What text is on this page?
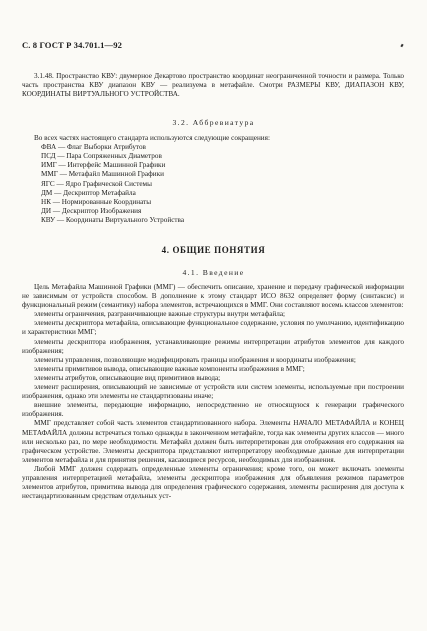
С. 8 ГОСТ Р 34.701.1—92
3.1.48. Пространство КВУ: двумерное Декартово пространство координат неограниченной точности и размера. Только часть пространства КВУ диапазон КВУ — реализуема в метафайле. Смотри РАЗМЕРЫ КВУ, ДИАПАЗОН КВУ, КООРДИНАТЫ ВИРТУАЛЬНОГО УСТРОЙСТВА.
3.2. Аббревиатура
Во всех частях настоящего стандарта используются следующие сокращения:
ФВА — Флаг Выборки Атрибутов
ПСД — Пара Сопряженных Диаметров
ИМГ — Интерфейс Машинной Графики
ММГ — Метафайл Машинной Графики
ЯГС — Ядро Графической Системы
ДМ — Дескриптор Метафайла
НК — Нормированные Координаты
ДИ — Дескриптор Изображения
КВУ — Координаты Виртуального Устройства
4. ОБЩИЕ ПОНЯТИЯ
4.1. Введение

Цель Метафайла Машинной Графики (ММГ) — обеспечить описание, хранение и передачу графической информации не зависимым от устройств способом. В дополнение к этому стандарт ИСО 8632 определяет форму (синтаксис) и функциональный режим (семантику) набора элементов, встречающихся в ММГ. Они составляют восемь классов элементов:

элементы ограничения, разграничивающие важные структуры внутри метафайла;

элементы дескриптора метафайла, описывающие функциональное содержание, условия по умолчанию, идентификацию и характеристики ММГ;

элементы дескриптора изображения, устанавливающие режимы интерпретации атрибутов элементов для каждого изображения;

элементы управления, позволяющие модифицировать границы изображения и координаты изображения;

элементы примитивов вывода, описывающие важные компоненты изображения в ММГ;

элементы атрибутов, описывающие вид примитивов вывода;

элемент расширения, описывающий не зависимые от устройств или систем элементы, используемые при построении изображения, однако эти элементы не стандартизованы иначе;

внешние элементы, передающие информацию, непосредственно не относящуюся к генерации графического изображения.

ММГ представляет собой часть элементов стандартизованного набора. Элементы НАЧАЛО МЕТАФАЙЛА и КОНЕЦ МЕТАФАЙЛА должны встречаться только однажды в законченном метафайле, тогда как элементы других классов — много или несколько раз, по мере необходимости. Метафайл должен быть интерпретирован для отображения его содержания на графическом устройстве. Элементы дескриптора представляют интерпретатору необходимые данные для интерпретации элементов метафайла и для принятия решения, касающиеся ресурсов, необходимых для изображения.

Любой ММГ должен содержать определенные элементы ограничения; кроме того, он может включать элементы управления интерпретацией метафайла, элементы дескриптора изображения для объявления режимов параметров элементов атрибутов, примитива вывода для определения графического содержания, элементы расширения для доступа к нестандартизованным средствам отдельных уст-
